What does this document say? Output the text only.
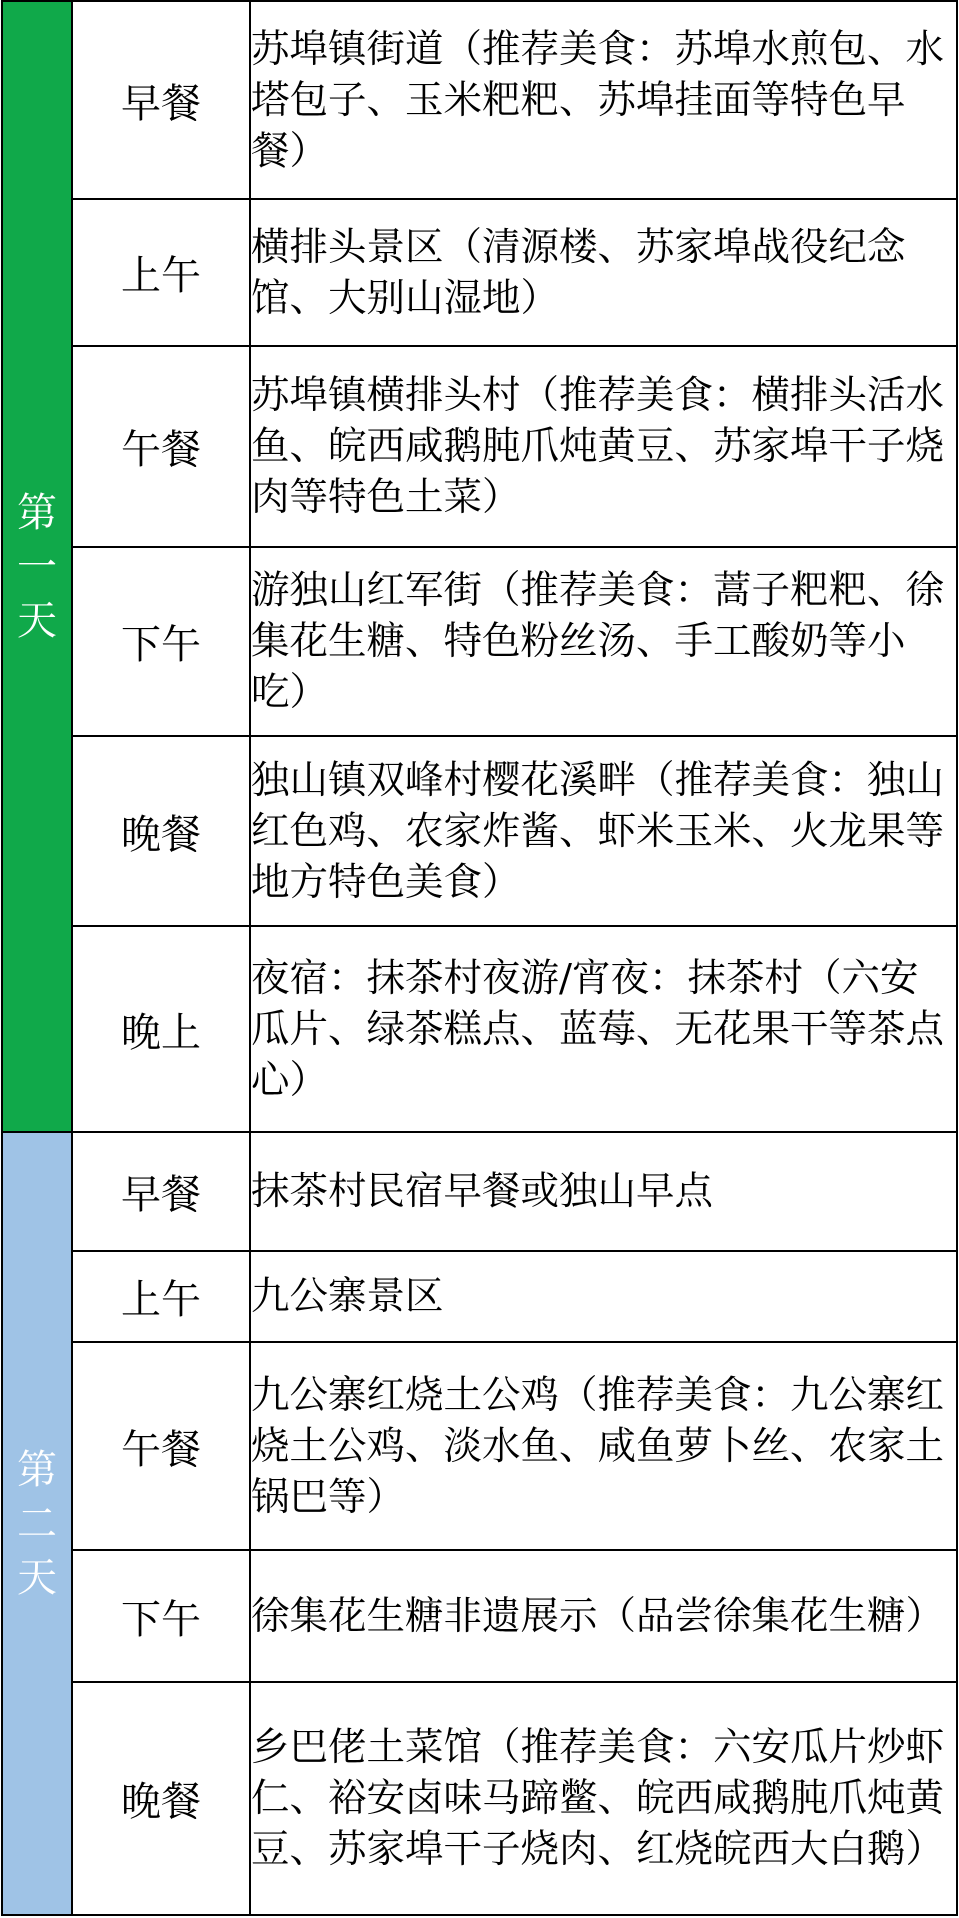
第一天	早餐	苏埠镇街道（推荐美食：苏埠水煎包、水塔包子、玉米粑粑、苏埠挂面等特色早餐）
	上午	横排头景区（清源楼、苏家埠战役纪念馆、大别山湿地）
	午餐	苏埠镇横排头村（推荐美食：横排头活水鱼、皖西咸鹅肫爪炖黄豆、苏家埠干子烧肉等特色土菜）
	下午	游独山红军街（推荐美食：蒿子粑粑、徐集花生糖、特色粉丝汤、手工酸奶等小吃）
	晚餐	独山镇双峰村樱花溪畔（推荐美食：独山红色鸡、农家炸酱、虾米玉米、火龙果等地方特色美食）
	晚上	夜宿：抹茶村夜游/宵夜：抹茶村（六安瓜片、绿茶糕点、蓝莓、无花果干等茶点心）
第二天	早餐	抹茶村民宿早餐或独山早点
	上午	九公寨景区
	午餐	九公寨红烧土公鸡（推荐美食：九公寨红烧土公鸡、淡水鱼、咸鱼萝卜丝、农家土锅巴等）
	下午	徐集花生糖非遗展示（品尝徐集花生糖）
	晚餐	乡巴佬土菜馆（推荐美食：六安瓜片炒虾仁、裕安卤味马蹄鳖、皖西咸鹅肫爪炖黄豆、苏家埠干子烧肉、红烧皖西大白鹅）
